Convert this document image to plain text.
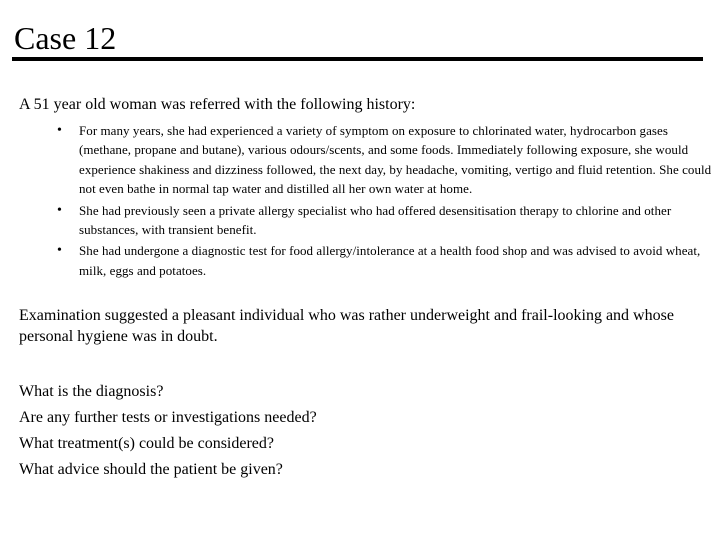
Case 12

A 51 year old woman was referred with the following history:

• For many years, she had experienced a variety of symptom on exposure to chlorinated water, hydrocarbon gases (methane, propane and butane), various odours/scents, and some foods. Immediately following exposure, she would experience shakiness and dizziness followed, the next day, by headache, vomiting, vertigo and fluid retention. She could not even bathe in normal tap water and distilled all her own water at home.
• She had previously seen a private allergy specialist who had offered desensitisation therapy to chlorine and other substances, with transient benefit.
• She had undergone a diagnostic test for food allergy/intolerance at a health food shop and was advised to avoid wheat, milk, eggs and potatoes.

Examination suggested a pleasant individual who was rather underweight and frail-looking and whose personal hygiene was in doubt.

What is the diagnosis?
Are any further tests or investigations needed?
What treatment(s) could be considered?
What advice should the patient be given?
